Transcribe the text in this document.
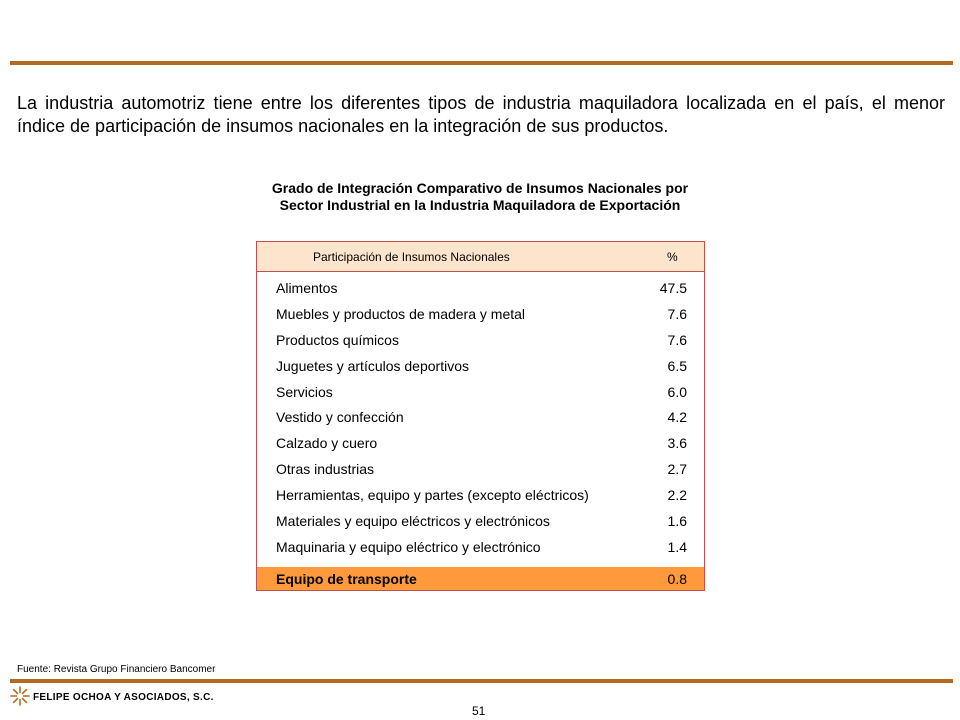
La industria automotriz tiene entre los diferentes tipos de industria maquiladora localizada en el país, el menor índice de participación de insumos nacionales en la integración de sus productos.

Grado de Integración Comparativo de Insumos Nacionales por
Sector Industrial en la Industria Maquiladora de Exportación
Participación de Insumos Nacionales	%
Alimentos	47.5
Muebles y productos de madera y metal	7.6
Productos químicos	7.6
Juguetes y artículos deportivos	6.5
Servicios	6.0
Vestido y confección	4.2
Calzado y cuero	3.6
Otras industrias	2.7
Herramientas, equipo y partes (excepto eléctricos)	2.2
Materiales y equipo eléctricos y electrónicos	1.6
Maquinaria y equipo eléctrico y electrónico	1.4
Equipo de transporte	0.8
Fuente: Revista Grupo Financiero Bancomer
FELIPE OCHOA Y ASOCIADOS, S.C.
51
